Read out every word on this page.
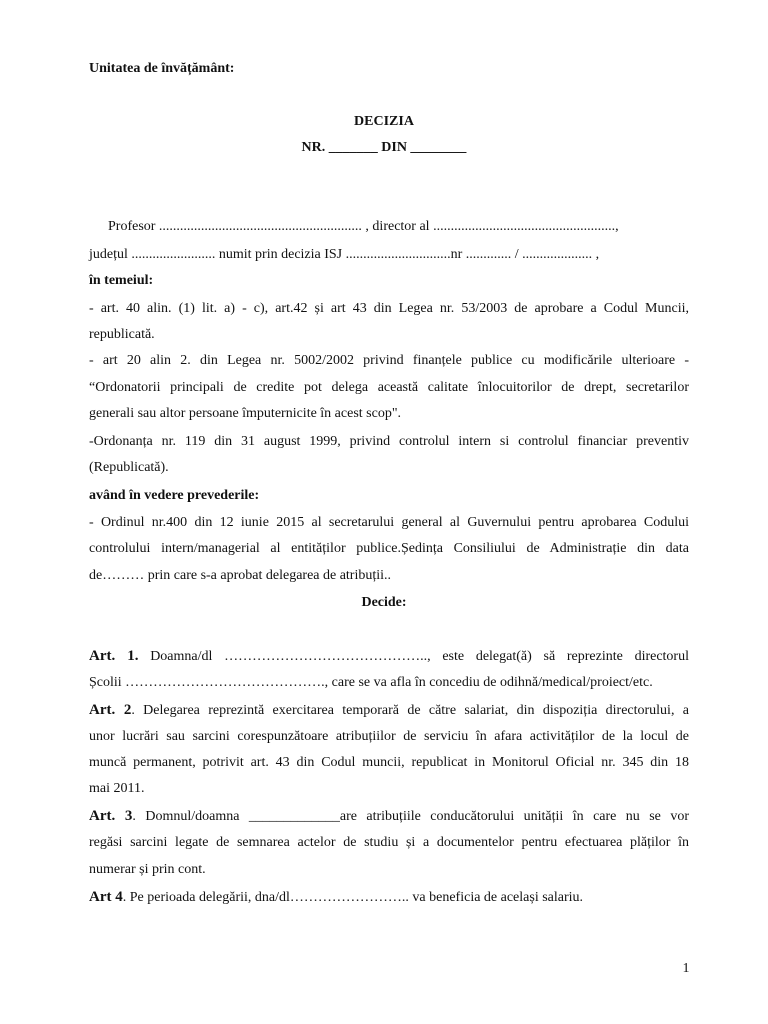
Unitatea de învățământ:
DECIZIA
NR. _______ DIN ________
Profesor .......................................................... , director al ....................................................,
județul ........................ numit prin decizia ISJ ..............................nr ............. / .................... ,
în temeiul:
- art. 40 alin. (1) lit. a) - c), art.42 și art 43 din Legea nr. 53/2003 de aprobare a Codul Muncii,
republicată.
- art 20 alin 2. din Legea nr. 5002/2002 privind finanțele publice cu modificările ulterioare -
“Ordonatorii principali de credite pot delega această calitate înlocuitorilor de drept, secretarilor
generali sau altor persoane împuternicite în acest scop".
-Ordonanța nr. 119 din 31 august 1999, privind controlul intern si controlul financiar preventiv
(Republicată).
având în vedere prevederile:
- Ordinul nr.400 din 12 iunie 2015 al secretarului general al Guvernului pentru aprobarea Codului
controlului intern/managerial al entităților publice.Ședința Consiliului de Administrație din data
de……… prin care s-a aprobat delegarea de atribuții..
Decide:
Art. 1. Doamna/dl …………………………………….., este delegat(ă) să reprezinte directorul
Școlii ……………………………………., care se va afla în concediu de odihnă/medical/proiect/etc.
Art. 2. Delegarea reprezintă exercitarea temporară de către salariat, din dispoziția directorului, a
unor lucrări sau sarcini corespunzătoare atribuțiilor de serviciu în afara activităților de la locul de
muncă permanent, potrivit art. 43 din Codul muncii, republicat in Monitorul Oficial nr. 345 din 18
mai 2011.
Art. 3. Domnul/doamna _____________are atribuțiile conducătorului unității în care nu se vor
regăsi sarcini legate de semnarea actelor de studiu și a documentelor pentru efectuarea plăților în
numerar și prin cont.
Art 4. Pe perioada delegării, dna/dl…………………….. va beneficia de același salariu.
1
